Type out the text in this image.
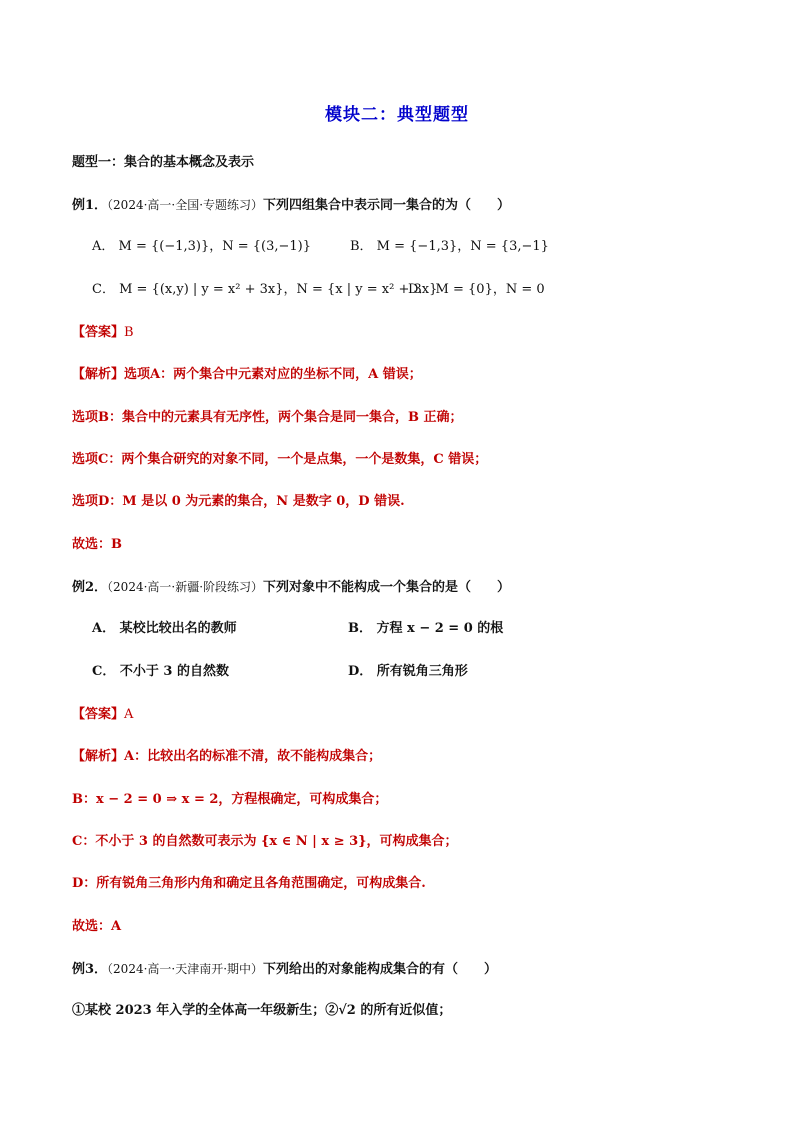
模块二：典型题型
题型一：集合的基本概念及表示
例1．（2024·高一·全国·专题练习）下列四组集合中表示同一集合的为（　　）
A． M = {(−1,3)}，N = {(3,−1)}	B． M = {−1,3}，N = {3,−1}
C． M = {(x,y) | y = x² + 3x}，N = {x | y = x² + 3x}
D． M = {0}，N = 0
【答案】B
【解析】选项A：两个集合中元素对应的坐标不同，A 错误；
选项B：集合中的元素具有无序性，两个集合是同一集合，B 正确；
选项C：两个集合研究的对象不同，一个是点集，一个是数集，C 错误；
选项D：M 是以 0 为元素的集合，N 是数字 0，D 错误.
故选：B
例2．（2024·高一·新疆·阶段练习）下列对象中不能构成一个集合的是（　　）
A． 某校比较出名的教师	B． 方程 x − 2 = 0 的根
C． 不小于 3 的自然数	D． 所有锐角三角形
【答案】A
【解析】A：比较出名的标准不清，故不能构成集合；
B：x − 2 = 0 ⇒ x = 2，方程根确定，可构成集合；
C：不小于 3 的自然数可表示为 {x ∈ N | x ≥ 3}，可构成集合；
D：所有锐角三角形内角和确定且各角范围确定，可构成集合.
故选：A
例3．（2024·高一·天津南开·期中）下列给出的对象能构成集合的有（　　）
①某校 2023 年入学的全体高一年级新生；②√2 的所有近似值；
